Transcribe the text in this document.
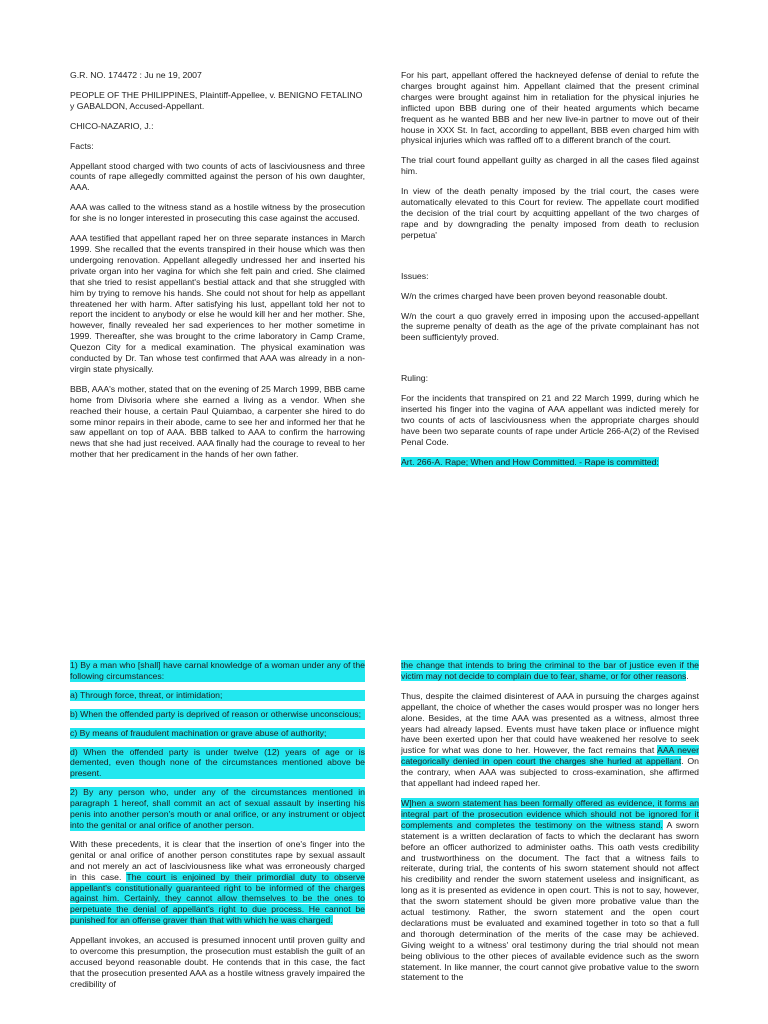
G.R. NO. 174472 : Ju ne 19, 2007

PEOPLE OF THE PHILIPPINES, Plaintiff-Appellee, v. BENIGNO FETALINO y GABALDON, Accused-Appellant.

CHICO-NAZARIO, J.:

Facts:

Appellant stood charged with two counts of acts of lasciviousness and three counts of rape allegedly committed against the person of his own daughter, AAA.

AAA was called to the witness stand as a hostile witness by the prosecution for she is no longer interested in prosecuting this case against the accused.

AAA testified that appellant raped her on three separate instances in March 1999. She recalled that the events transpired in their house which was then undergoing renovation. Appellant allegedly undressed her and inserted his private organ into her vagina for which she felt pain and cried. She claimed that she tried to resist appellant's bestial attack and that she struggled with him by trying to remove his hands. She could not shout for help as appellant threatened her with harm. After satisfying his lust, appellant told her not to report the incident to anybody or else he would kill her and her mother. She, however, finally revealed her sad experiences to her mother sometime in 1999. Thereafter, she was brought to the crime laboratory in Camp Crame, Quezon City for a medical examination. The physical examination was conducted by Dr. Tan whose test confirmed that AAA was already in a non-virgin state physically.

BBB, AAA's mother, stated that on the evening of 25 March 1999, BBB came home from Divisoria where she earned a living as a vendor. When she reached their house, a certain Paul Quiambao, a carpenter she hired to do some minor repairs in their abode, came to see her and informed her that he saw appellant on top of AAA. BBB talked to AAA to confirm the harrowing news that she had just received. AAA finally had the courage to reveal to her mother that her predicament in the hands of her own father.

For his part, appellant offered the hackneyed defense of denial to refute the charges brought against him. Appellant claimed that the present criminal charges were brought against him in retaliation for the physical injuries he inflicted upon BBB during one of their heated arguments which became frequent as he wanted BBB and her new live-in partner to move out of their house in XXX St. In fact, according to appellant, BBB even charged him with physical injuries which was raffled off to a different branch of the court.

The trial court found appellant guilty as charged in all the cases filed against him.

In view of the death penalty imposed by the trial court, the cases were automatically elevated to this Court for review. The appellate court modified the decision of the trial court by acquitting appellant of the two charges of rape and by downgrading the penalty imposed from death to reclusion perpetua'

Issues:

W/n the crimes charged have been proven beyond reasonable doubt.

W/n the court a quo gravely erred in imposing upon the accused-appellant the supreme penalty of death as the age of the private complainant has not been sufficientyly proved.

Ruling:

For the incidents that transpired on 21 and 22 March 1999, during which he inserted his finger into the vagina of AAA appellant was indicted merely for two counts of acts of lasciviousness when the appropriate charges should have been two separate counts of rape under Article 266-A(2) of the Revised Penal Code.

Art. 266-A. Rape; When and How Committed. - Rape is committed:

1) By a man who [shall] have carnal knowledge of a woman under any of the following circumstances:

a) Through force, threat, or intimidation;

b) When the offended party is deprived of reason or otherwise unconscious;

c) By means of fraudulent machination or grave abuse of authority;

d) When the offended party is under twelve (12) years of age or is demented, even though none of the circumstances mentioned above be present.

2) By any person who, under any of the circumstances mentioned in paragraph 1 hereof, shall commit an act of sexual assault by inserting his penis into another person's mouth or anal orifice, or any instrument or object into the genital or anal orifice of another person.

With these precedents, it is clear that the insertion of one's finger into the genital or anal orifice of another person constitutes rape by sexual assault and not merely an act of lasciviousness like what was erroneously charged in this case. The court is enjoined by their primordial duty to observe appellant's constitutionally guaranteed right to be informed of the charges against him. Certainly, they cannot allow themselves to be the ones to perpetuate the denial of appellant's right to due process. He cannot be punished for an offense graver than that with which he was charged.

Appellant invokes, an accused is presumed innocent until proven guilty and to overcome this presumption, the prosecution must establish the guilt of an accused beyond reasonable doubt. He contends that in this case, the fact that the prosecution presented AAA as a hostile witness gravely impaired the credibility of

the change that intends to bring the criminal to the bar of justice even if the victim may not decide to complain due to fear, shame, or for other reasons.

Thus, despite the claimed disinterest of AAA in pursuing the charges against appellant, the choice of whether the cases would prosper was no longer hers alone. Besides, at the time AAA was presented as a witness, almost three years had already lapsed. Events must have taken place or influence might have been exerted upon her that could have weakened her resolve to seek justice for what was done to her. However, the fact remains that AAA never categorically denied in open court the charges she hurled at appellant. On the contrary, when AAA was subjected to cross-examination, she affirmed that appellant had indeed raped her.

W]hen a sworn statement has been formally offered as evidence, it forms an integral part of the prosecution evidence which should not be ignored for it complements and completes the testimony on the witness stand. A sworn statement is a written declaration of facts to which the declarant has sworn before an officer authorized to administer oaths. This oath vests credibility and trustworthiness on the document. The fact that a witness fails to reiterate, during trial, the contents of his sworn statement should not affect his credibility and render the sworn statement useless and insignificant, as long as it is presented as evidence in open court. This is not to say, however, that the sworn statement should be given more probative value than the actual testimony. Rather, the sworn statement and the open court declarations must be evaluated and examined together in toto so that a full and thorough determination of the merits of the case may be achieved. Giving weight to a witness' oral testimony during the trial should not mean being oblivious to the other pieces of available evidence such as the sworn statement. In like manner, the court cannot give probative value to the sworn statement to the
